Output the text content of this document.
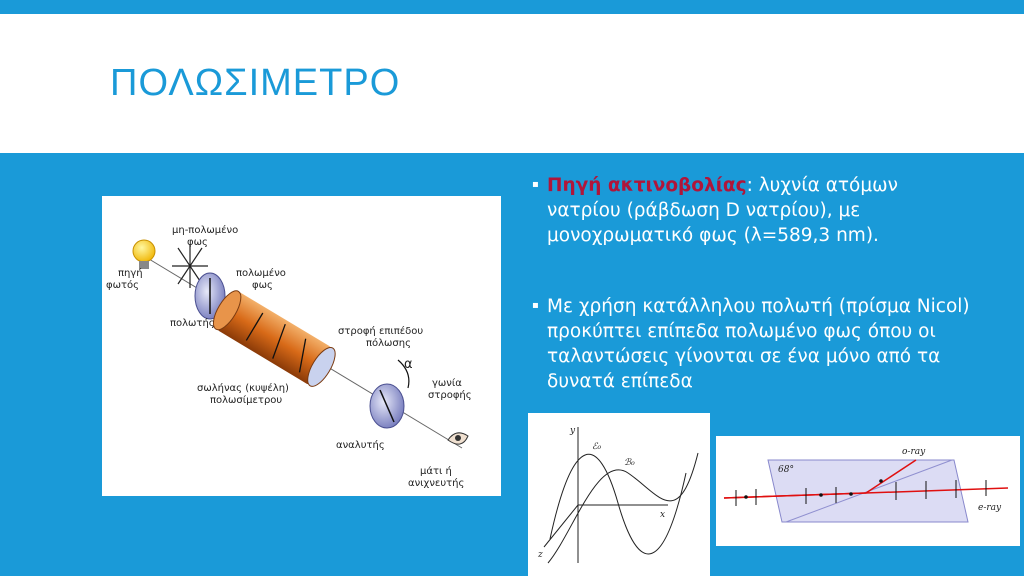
ΠΟΛΩΣΙΜΕΤΡΟ
▪ Πηγή ακτινοβολίας: λυχνία ατόμων νατρίου (ράβδωση D νατρίου), με μονοχρωματικό φως (λ=589,3 nm).
▪ Με χρήση κατάλληλου πολωτή (πρίσμα Nicol) προκύπτει επίπεδα πολωμένο φως όπου οι ταλαντώσεις γίνονται σε ένα μόνο από τα δυνατά επίπεδα
μη-πολωμένο
φως
πηγή
φωτός
πολωμένο
φως
πολωτής
στροφή επιπέδου
πόλωσης
α
σωλήνας (κυψέλη)
πολωσίμετρου
γωνία
στροφής
αναλυτής
μάτι ή
ανιχνευτής
y
x
z
ℰ₀
ℬ₀
68°
o-ray
e-ray
